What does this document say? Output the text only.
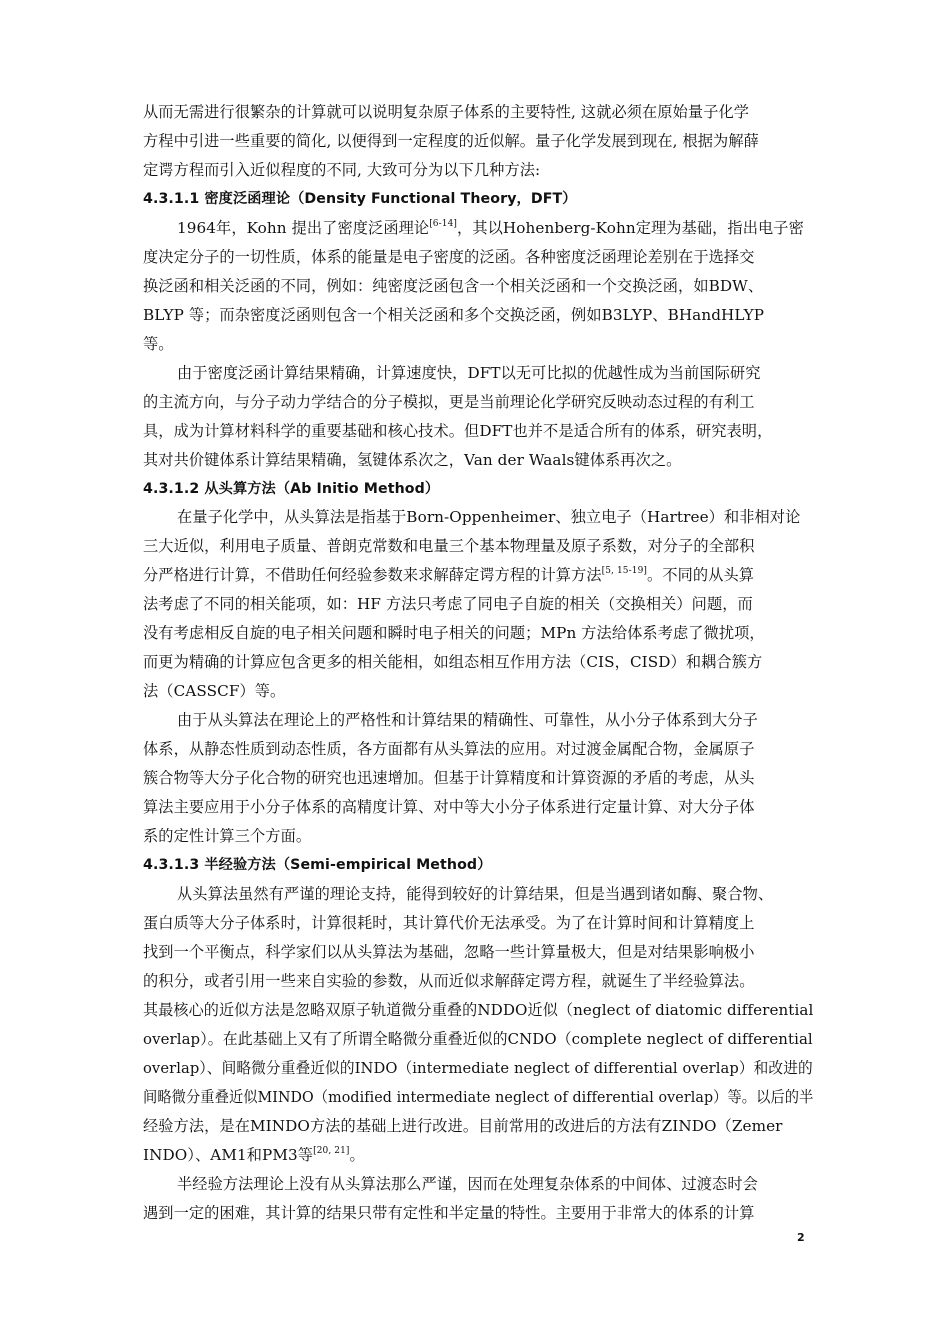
从而无需进行很繁杂的计算就可以说明复杂原子体系的主要特性, 这就必须在原始量子化学
方程中引进一些重要的简化, 以便得到一定程度的近似解。量子化学发展到现在, 根据为解薛
定谔方程而引入近似程度的不同, 大致可分为以下几种方法:
4.3.1.1 密度泛函理论（Density Functional Theory，DFT）
1964年，Kohn 提出了密度泛函理论[6-14]，其以Hohenberg-Kohn定理为基础，指出电子密
度决定分子的一切性质，体系的能量是电子密度的泛函。各种密度泛函理论差别在于选择交
换泛函和相关泛函的不同，例如：纯密度泛函包含一个相关泛函和一个交换泛函，如BDW、
BLYP 等；而杂密度泛函则包含一个相关泛函和多个交换泛函，例如B3LYP、BHandHLYP
等。
由于密度泛函计算结果精确，计算速度快，DFT以无可比拟的优越性成为当前国际研究
的主流方向，与分子动力学结合的分子模拟，更是当前理论化学研究反映动态过程的有利工
具，成为计算材料科学的重要基础和核心技术。但DFT也并不是适合所有的体系，研究表明，
其对共价键体系计算结果精确，氢键体系次之，Van der Waals键体系再次之。
4.3.1.2 从头算方法（Ab Initio Method）
在量子化学中，从头算法是指基于Born-Oppenheimer、独立电子（Hartree）和非相对论
三大近似，利用电子质量、普朗克常数和电量三个基本物理量及原子系数，对分子的全部积
分严格进行计算，不借助任何经验参数来求解薛定谔方程的计算方法[5, 15-19]。不同的从头算
法考虑了不同的相关能项，如：HF 方法只考虑了同电子自旋的相关（交换相关）问题，而
没有考虑相反自旋的电子相关问题和瞬时电子相关的问题；MPn 方法给体系考虑了微扰项，
而更为精确的计算应包含更多的相关能相，如组态相互作用方法（CIS，CISD）和耦合簇方
法（CASSCF）等。
由于从头算法在理论上的严格性和计算结果的精确性、可靠性，从小分子体系到大分子
体系，从静态性质到动态性质，各方面都有从头算法的应用。对过渡金属配合物，金属原子
簇合物等大分子化合物的研究也迅速增加。但基于计算精度和计算资源的矛盾的考虑，从头
算法主要应用于小分子体系的高精度计算、对中等大小分子体系进行定量计算、对大分子体
系的定性计算三个方面。
4.3.1.3 半经验方法（Semi-empirical Method）
从头算法虽然有严谨的理论支持，能得到较好的计算结果，但是当遇到诸如酶、聚合物、
蛋白质等大分子体系时，计算很耗时，其计算代价无法承受。为了在计算时间和计算精度上
找到一个平衡点，科学家们以从头算法为基础，忽略一些计算量极大，但是对结果影响极小
的积分，或者引用一些来自实验的参数，从而近似求解薛定谔方程，就诞生了半经验算法。
其最核心的近似方法是忽略双原子轨道微分重叠的NDDO近似（neglect of diatomic differential
overlap）。在此基础上又有了所谓全略微分重叠近似的CNDO（complete neglect of differential
overlap）、间略微分重叠近似的INDO（intermediate neglect of differential overlap）和改进的
间略微分重叠近似MINDO（modified intermediate neglect of differential overlap）等。以后的半
经验方法，是在MINDO方法的基础上进行改进。目前常用的改进后的方法有ZINDO（Zemer
INDO）、AM1和PM3等[20, 21]。
半经验方法理论上没有从头算法那么严谨，因而在处理复杂体系的中间体、过渡态时会
遇到一定的困难，其计算的结果只带有定性和半定量的特性。主要用于非常大的体系的计算
2
